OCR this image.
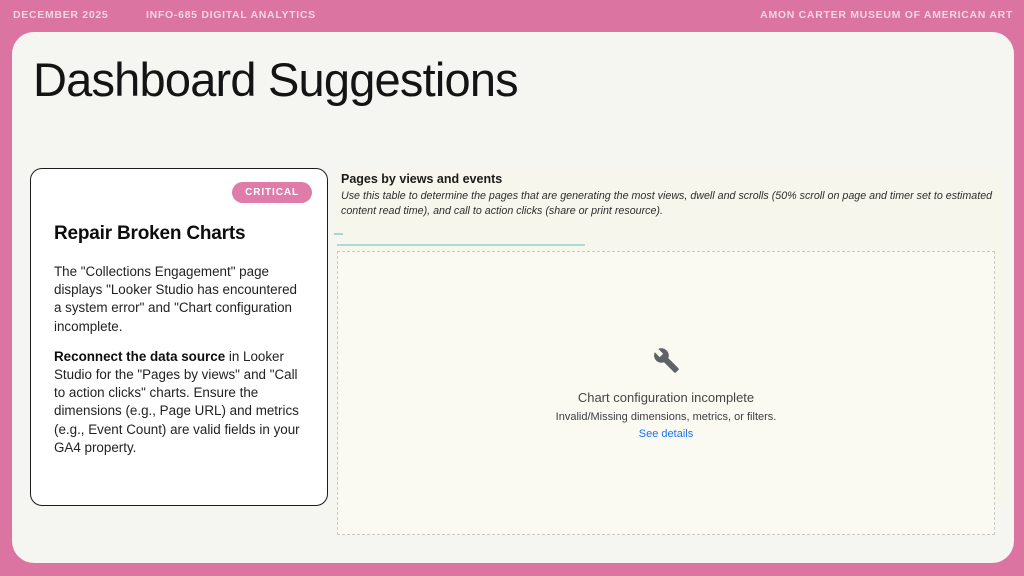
DECEMBER 2025	INFO-685 DIGITAL ANALYTICS	AMON CARTER MUSEUM OF AMERICAN ART
Dashboard Suggestions
CRITICAL
Repair Broken Charts

The "Collections Engagement" page displays "Looker Studio has encountered a system error" and "Chart configuration incomplete.

Reconnect the data source in Looker Studio for the "Pages by views" and "Call to action clicks" charts. Ensure the dimensions (e.g., Page URL) and metrics (e.g., Event Count) are valid fields in your GA4 property.

Pages by views and events
Use this table to determine the pages that are generating the most views, dwell and scrolls (50% scroll on page and timer set to estimated content read time), and call to action clicks (share or print resource).
Chart configuration incomplete
Invalid/Missing dimensions, metrics, or filters.
See details
